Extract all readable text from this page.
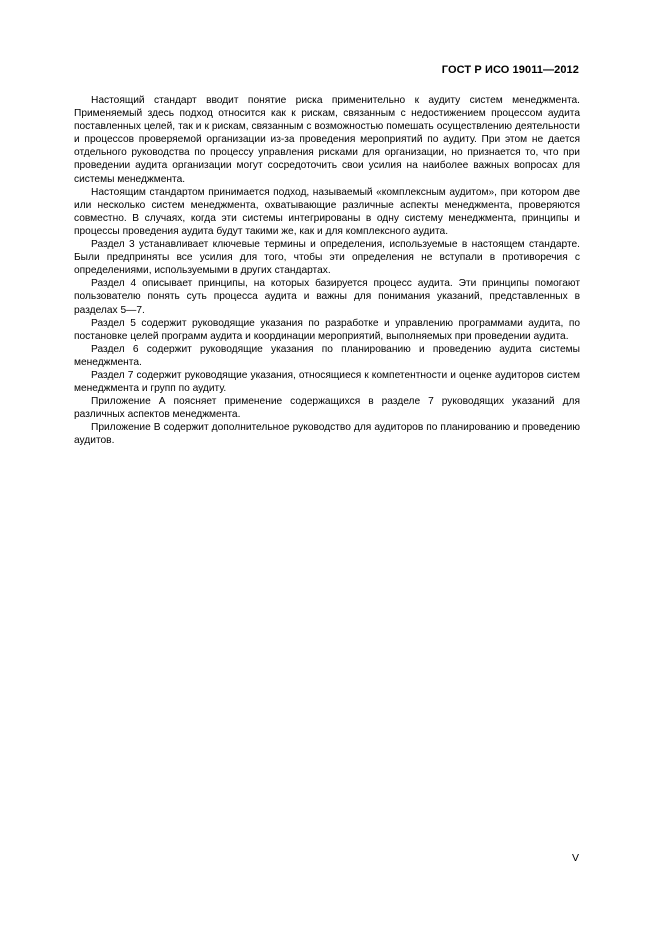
ГОСТ Р ИСО 19011—2012

Настоящий стандарт вводит понятие риска применительно к аудиту систем менеджмента. Применяемый здесь подход относится как к рискам, связанным с недостижением процессом аудита поставленных целей, так и к рискам, связанным с возможностью помешать осуществлению деятельности и процессов проверяемой организации из-за проведения мероприятий по аудиту. При этом не дается отдельного руководства по процессу управления рисками для организации, но признается то, что при проведении аудита организации могут сосредоточить свои усилия на наиболее важных вопросах для системы менеджмента.

Настоящим стандартом принимается подход, называемый «комплексным аудитом», при котором две или несколько систем менеджмента, охватывающие различные аспекты менеджмента, проверяются совместно. В случаях, когда эти системы интегрированы в одну систему менеджмента, принципы и процессы проведения аудита будут такими же, как и для комплексного аудита.

Раздел 3 устанавливает ключевые термины и определения, используемые в настоящем стандарте. Были предприняты все усилия для того, чтобы эти определения не вступали в противоречия с определениями, используемыми в других стандартах.

Раздел 4 описывает принципы, на которых базируется процесс аудита. Эти принципы помогают пользователю понять суть процесса аудита и важны для понимания указаний, представленных в разделах 5—7.

Раздел 5 содержит руководящие указания по разработке и управлению программами аудита, по постановке целей программ аудита и координации мероприятий, выполняемых при проведении аудита.

Раздел 6 содержит руководящие указания по планированию и проведению аудита системы менеджмента.

Раздел 7 содержит руководящие указания, относящиеся к компетентности и оценке аудиторов систем менеджмента и групп по аудиту.

Приложение А поясняет применение содержащихся в разделе 7 руководящих указаний для различных аспектов менеджмента.

Приложение В содержит дополнительное руководство для аудиторов по планированию и проведению аудитов.

V
